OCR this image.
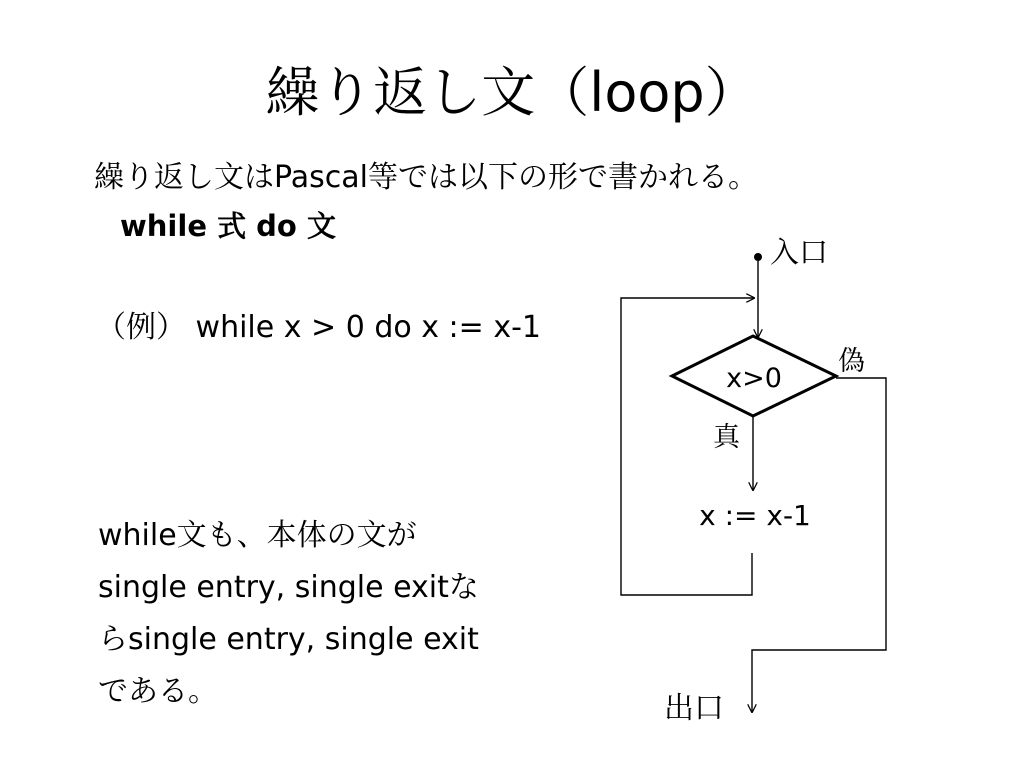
繰り返し文（loop）
繰り返し文はPascal等では以下の形で書かれる。
while 式 do 文
（例） while x > 0 do x := x-1
while文も、本体の文が
single entry, single exitな
らsingle entry, single exit
である。
入口
x>0
偽
真
x := x-1
出口
